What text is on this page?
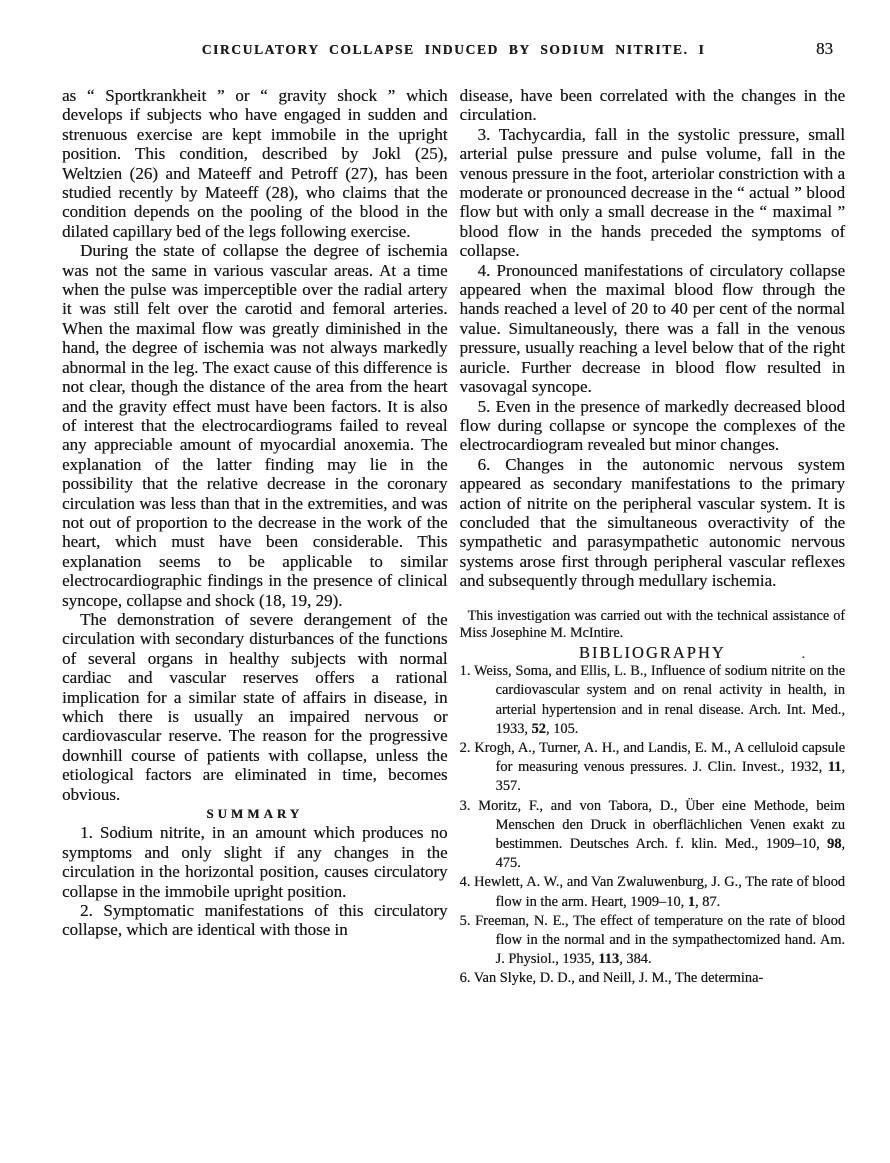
CIRCULATORY COLLAPSE INDUCED BY SODIUM NITRITE. I	83

as “ Sportkrankheit ” or “ gravity shock ” which develops if subjects who have engaged in sudden and strenuous exercise are kept immobile in the upright position. This condition, described by Jokl (25), Weltzien (26) and Mateeff and Petroff (27), has been studied recently by Mateeff (28), who claims that the condition depends on the pooling of the blood in the dilated capillary bed of the legs following exercise.

During the state of collapse the degree of ischemia was not the same in various vascular areas. At a time when the pulse was imperceptible over the radial artery it was still felt over the carotid and femoral arteries. When the maximal flow was greatly diminished in the hand, the degree of ischemia was not always markedly abnormal in the leg. The exact cause of this difference is not clear, though the distance of the area from the heart and the gravity effect must have been factors. It is also of interest that the electrocardiograms failed to reveal any appreciable amount of myocardial anoxemia. The explanation of the latter finding may lie in the possibility that the relative decrease in the coronary circulation was less than that in the extremities, and was not out of proportion to the decrease in the work of the heart, which must have been considerable. This explanation seems to be applicable to similar electrocardiographic findings in the presence of clinical syncope, collapse and shock (18, 19, 29).

The demonstration of severe derangement of the circulation with secondary disturbances of the functions of several organs in healthy subjects with normal cardiac and vascular reserves offers a rational implication for a similar state of affairs in disease, in which there is usually an impaired nervous or cardiovascular reserve. The reason for the progressive downhill course of patients with collapse, unless the etiological factors are eliminated in time, becomes obvious.

SUMMARY

1. Sodium nitrite, in an amount which produces no symptoms and only slight if any changes in the circulation in the horizontal position, causes circulatory collapse in the immobile upright position.

2. Symptomatic manifestations of this circulatory collapse, which are identical with those in

disease, have been correlated with the changes in the circulation.

3. Tachycardia, fall in the systolic pressure, small arterial pulse pressure and pulse volume, fall in the venous pressure in the foot, arteriolar constriction with a moderate or pronounced decrease in the “ actual ” blood flow but with only a small decrease in the “ maximal ” blood flow in the hands preceded the symptoms of collapse.

4. Pronounced manifestations of circulatory collapse appeared when the maximal blood flow through the hands reached a level of 20 to 40 per cent of the normal value. Simultaneously, there was a fall in the venous pressure, usually reaching a level below that of the right auricle. Further decrease in blood flow resulted in vasovagal syncope.

5. Even in the presence of markedly decreased blood flow during collapse or syncope the complexes of the electrocardiogram revealed but minor changes.

6. Changes in the autonomic nervous system appeared as secondary manifestations to the primary action of nitrite on the peripheral vascular system. It is concluded that the simultaneous overactivity of the sympathetic and parasympathetic autonomic nervous systems arose first through peripheral vascular reflexes and subsequently through medullary ischemia.

This investigation was carried out with the technical assistance of Miss Josephine M. McIntire.

BIBLIOGRAPHY	.

1. Weiss, Soma, and Ellis, L. B., Influence of sodium nitrite on the cardiovascular system and on renal activity in health, in arterial hypertension and in renal disease. Arch. Int. Med., 1933, 52, 105.

2. Krogh, A., Turner, A. H., and Landis, E. M., A celluloid capsule for measuring venous pressures. J. Clin. Invest., 1932, 11, 357.

3. Moritz, F., and von Tabora, D., Über eine Methode, beim Menschen den Druck in oberflächlichen Venen exakt zu bestimmen. Deutsches Arch. f. klin. Med., 1909–10, 98, 475.

4. Hewlett, A. W., and Van Zwaluwenburg, J. G., The rate of blood flow in the arm. Heart, 1909–10, 1, 87.

5. Freeman, N. E., The effect of temperature on the rate of blood flow in the normal and in the sympathectomized hand. Am. J. Physiol., 1935, 113, 384.

6. Van Slyke, D. D., and Neill, J. M., The determina-
